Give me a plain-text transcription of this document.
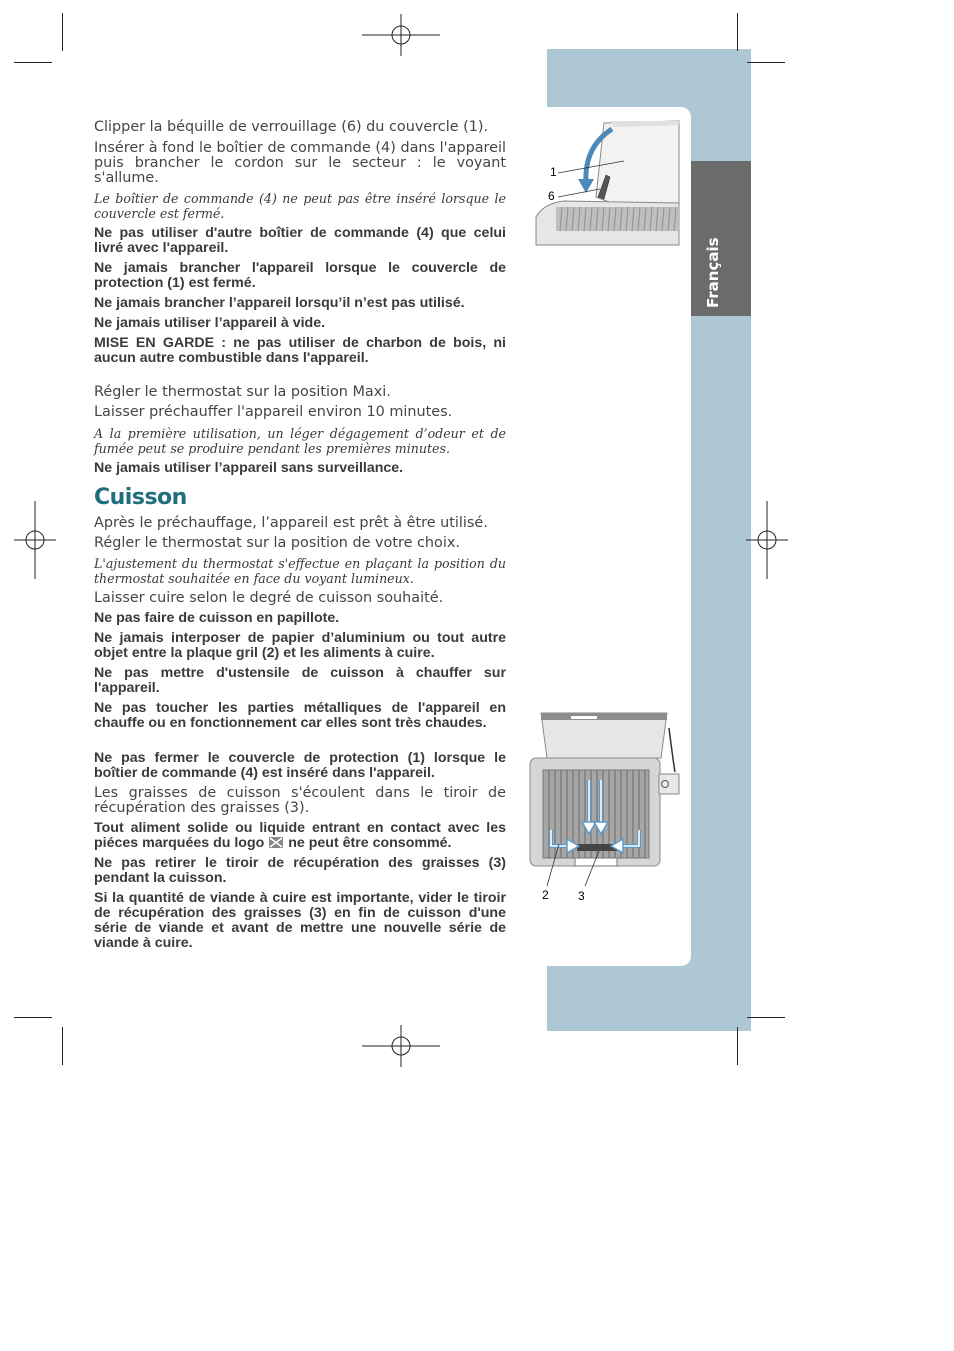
Français

Clipper la béquille de verrouillage (6) du couvercle (1).

Insérer à fond le boîtier de commande (4) dans l'appareil puis brancher le cordon sur le secteur : le voyant s'allume.

Le boîtier de commande (4) ne peut pas être inséré lorsque le couvercle est fermé.

Ne pas utiliser d'autre boîtier de commande (4) que celui livré avec l'appareil.

Ne jamais brancher l'appareil lorsque le couvercle de protection (1) est fermé.

Ne jamais brancher l’appareil lorsqu’il n’est pas utilisé.

Ne jamais utiliser l’appareil à vide.

MISE EN GARDE : ne pas utiliser de charbon de bois, ni aucun autre combustible dans l'appareil.

Régler le thermostat sur la position Maxi.

Laisser préchauffer l'appareil environ 10 minutes.

A la première utilisation, un léger dégagement d’odeur et de fumée peut se produire pendant les premières minutes.

Ne jamais utiliser l’appareil sans surveillance.

Cuisson

Après le préchauffage, l’appareil est prêt à être utilisé.

Régler le thermostat sur la position de votre choix.

L'ajustement du thermostat s'effectue en plaçant la position du thermostat souhaitée en face du voyant lumineux.

Laisser cuire selon le degré de cuisson souhaité.

Ne pas faire de cuisson en papillote.

Ne jamais interposer de papier d’aluminium ou tout autre objet entre la plaque gril (2) et les aliments à cuire.

Ne pas mettre d'ustensile de cuisson à chauffer sur l'appareil.

Ne pas toucher les parties métalliques de l'appareil en chauffe ou en fonctionnement car elles sont très chaudes.

Ne pas fermer le couvercle de protection (1) lorsque le boîtier de commande (4) est inséré dans l'appareil.

Les graisses de cuisson s'écoulent dans le tiroir de récupération des graisses (3).

Tout aliment solide ou liquide entrant en contact avec les piéces marquées du logo ne peut être consommé.

Ne pas retirer le tiroir de récupération des graisses (3) pendant la cuisson.

Si la quantité de viande à cuire est importante, vider le tiroir de récupération des graisses (3) en fin de cuisson d'une série de viande et avant de mettre une nouvelle série de viande à cuire.

1
6
2 3
